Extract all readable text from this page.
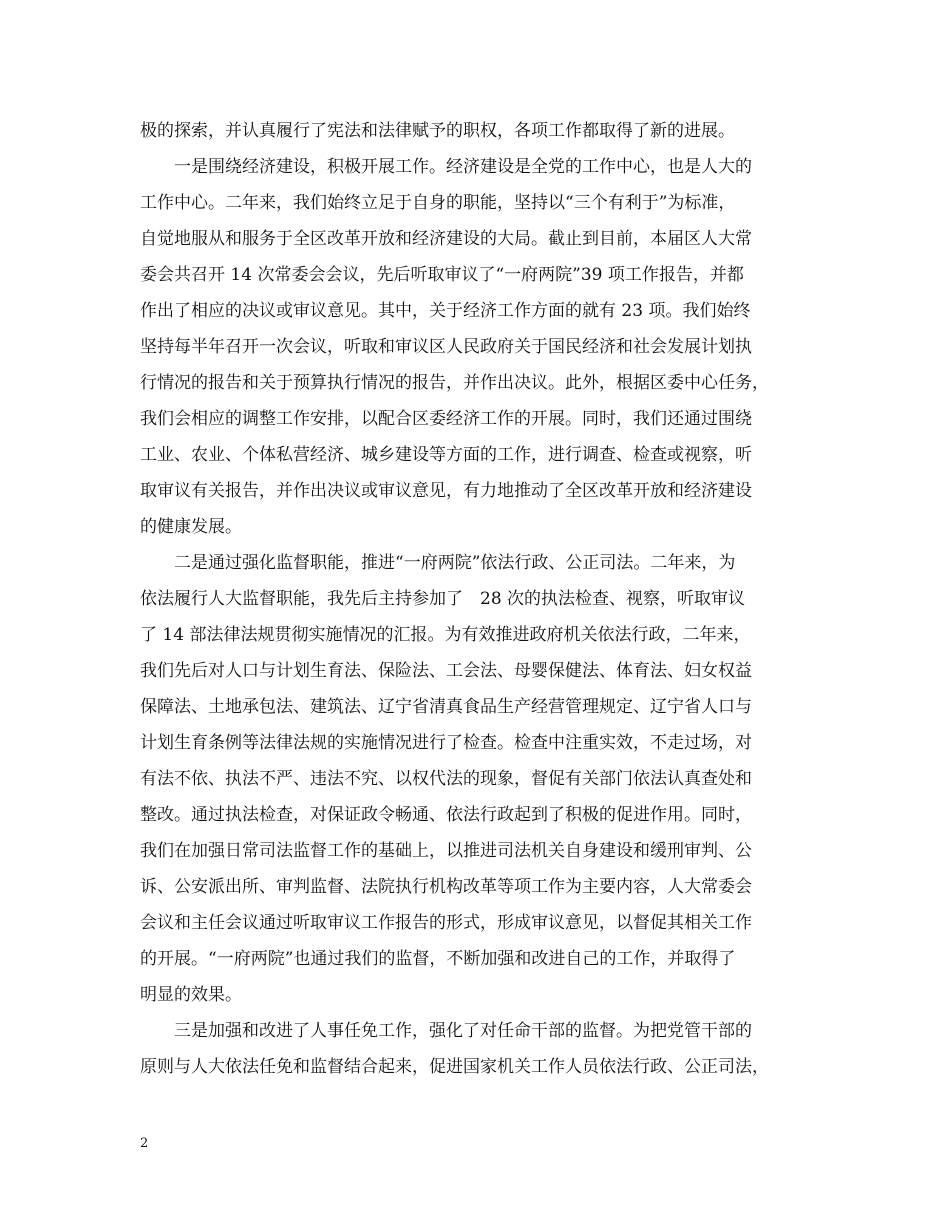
极的探索，并认真履行了宪法和法律赋予的职权，各项工作都取得了新的进展。
一是围绕经济建设，积极开展工作。经济建设是全党的工作中心，也是人大的
工作中心。二年来，我们始终立足于自身的职能，坚持以“三个有利于”为标准，
自觉地服从和服务于全区改革开放和经济建设的大局。截止到目前，本届区人大常
委会共召开 14 次常委会会议，先后听取审议了“一府两院”39 项工作报告，并都
作出了相应的决议或审议意见。其中，关于经济工作方面的就有 23 项。我们始终
坚持每半年召开一次会议，听取和审议区人民政府关于国民经济和社会发展计划执
行情况的报告和关于预算执行情况的报告，并作出决议。此外，根据区委中心任务，
我们会相应的调整工作安排，以配合区委经济工作的开展。同时，我们还通过围绕
工业、农业、个体私营经济、城乡建设等方面的工作，进行调查、检查或视察，听
取审议有关报告，并作出决议或审议意见，有力地推动了全区改革开放和经济建设
的健康发展。
二是通过强化监督职能，推进“一府两院”依法行政、公正司法。二年来，为
依法履行人大监督职能，我先后主持参加了　28 次的执法检查、视察，听取审议
了 14 部法律法规贯彻实施情况的汇报。为有效推进政府机关依法行政，二年来，
我们先后对人口与计划生育法、保险法、工会法、母婴保健法、体育法、妇女权益
保障法、土地承包法、建筑法、辽宁省清真食品生产经营管理规定、辽宁省人口与
计划生育条例等法律法规的实施情况进行了检查。检查中注重实效，不走过场，对
有法不依、执法不严、违法不究、以权代法的现象，督促有关部门依法认真查处和
整改。通过执法检查，对保证政令畅通、依法行政起到了积极的促进作用。同时，
我们在加强日常司法监督工作的基础上，以推进司法机关自身建设和缓刑审判、公
诉、公安派出所、审判监督、法院执行机构改革等项工作为主要内容，人大常委会
会议和主任会议通过听取审议工作报告的形式，形成审议意见，以督促其相关工作
的开展。“一府两院”也通过我们的监督，不断加强和改进自己的工作，并取得了
明显的效果。
三是加强和改进了人事任免工作，强化了对任命干部的监督。为把党管干部的
原则与人大依法任免和监督结合起来，促进国家机关工作人员依法行政、公正司法，
2
